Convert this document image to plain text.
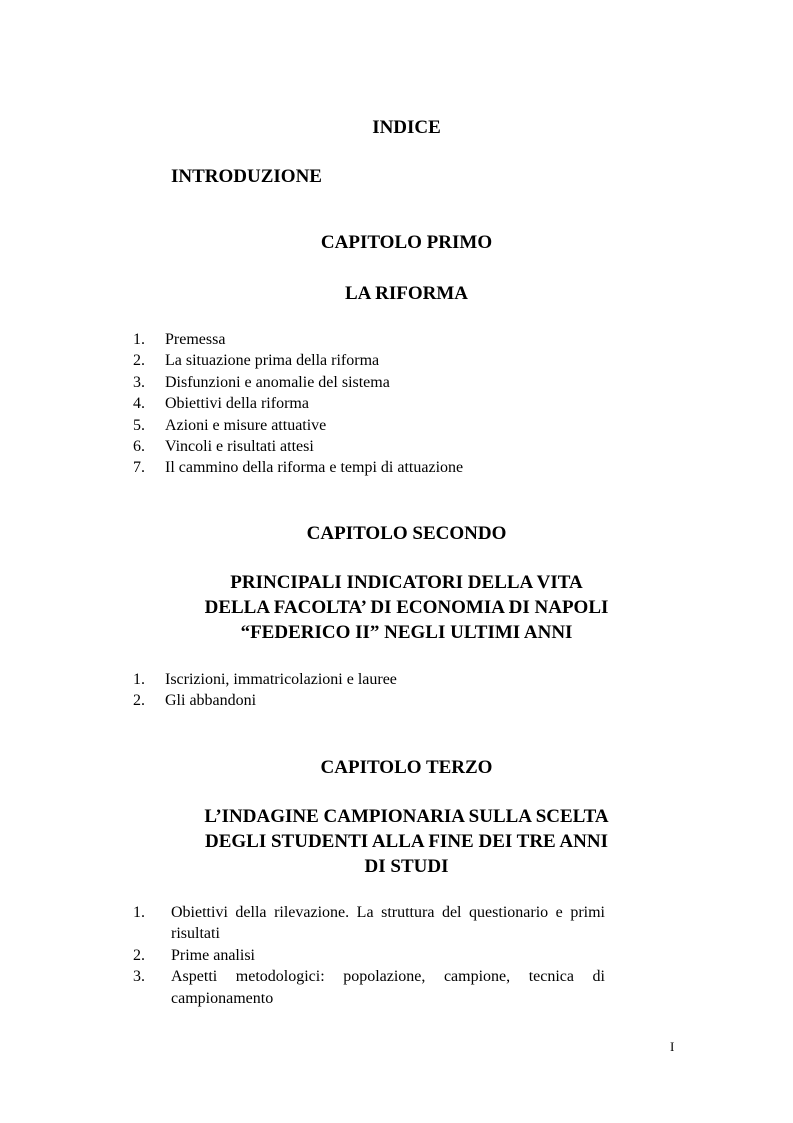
INDICE
INTRODUZIONE
CAPITOLO PRIMO
LA RIFORMA
1. Premessa
2. La situazione prima della riforma
3. Disfunzioni e anomalie del sistema
4. Obiettivi della riforma
5. Azioni e misure attuative
6. Vincoli e risultati attesi
7. Il cammino della riforma e tempi di attuazione
CAPITOLO SECONDO
PRINCIPALI INDICATORI DELLA VITA
DELLA FACOLTA’ DI ECONOMIA DI NAPOLI
“FEDERICO II” NEGLI ULTIMI ANNI
1. Iscrizioni, immatricolazioni e lauree
2. Gli abbandoni
CAPITOLO TERZO
L’INDAGINE CAMPIONARIA SULLA SCELTA
DEGLI STUDENTI ALLA FINE DEI TRE ANNI
DI STUDI
1. Obiettivi della rilevazione. La struttura del questionario e primi risultati
2. Prime analisi
3. Aspetti metodologici: popolazione, campione, tecnica di campionamento
I
